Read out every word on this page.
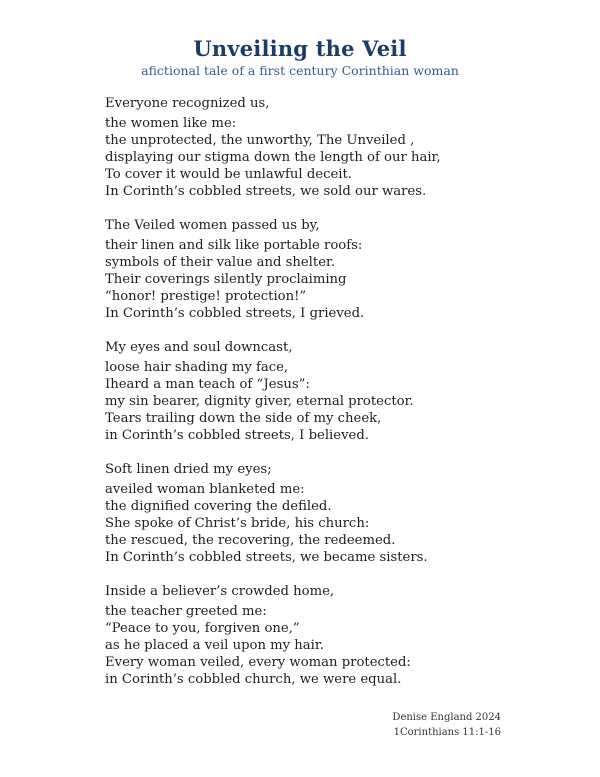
Unveiling the Veil

afictional tale of a first century Corinthian woman

Everyone recognized us,
the women like me:
the unprotected, the unworthy, The Unveiled ,
displaying our stigma down the length of our hair,
To cover it would be unlawful deceit.
In Corinth’s cobbled streets, we sold our wares.
The Veiled women passed us by,
their linen and silk like portable roofs:
symbols of their value and shelter.
Their coverings silently proclaiming
“honor! prestige! protection!”
In Corinth’s cobbled streets, I grieved.
My eyes and soul downcast,
loose hair shading my face,
Iheard a man teach of “Jesus”:
my sin bearer, dignity giver, eternal protector.
Tears trailing down the side of my cheek,
in Corinth’s cobbled streets, I believed.
Soft linen dried my eyes;
aveiled woman blanketed me:
the dignified covering the defiled.
She spoke of Christ’s bride, his church:
the rescued, the recovering, the redeemed.
In Corinth’s cobbled streets, we became sisters.
Inside a believer’s crowded home,
the teacher greeted me:
“Peace to you, forgiven one,”
as he placed a veil upon my hair.
Every woman veiled, every woman protected:
in Corinth’s cobbled church, we were equal.
Denise England 2024
1Corinthians 11:1-16
